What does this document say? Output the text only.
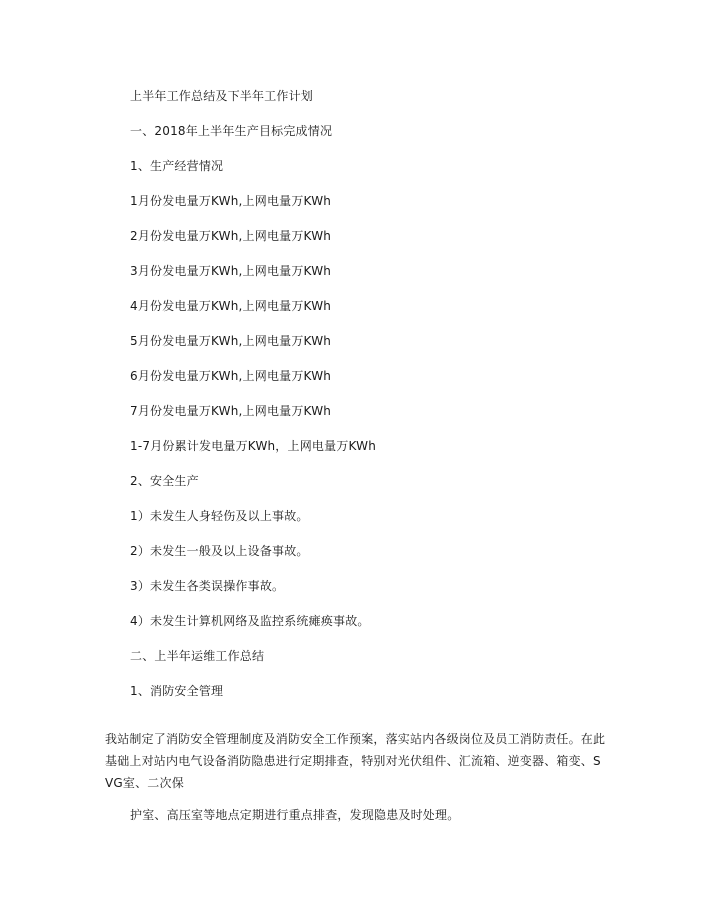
上半年工作总结及下半年工作计划
一、2018年上半年生产目标完成情况
1、生产经营情况
1月份发电量万KWh,上网电量万KWh
2月份发电量万KWh,上网电量万KWh
3月份发电量万KWh,上网电量万KWh
4月份发电量万KWh,上网电量万KWh
5月份发电量万KWh,上网电量万KWh
6月份发电量万KWh,上网电量万KWh
7月份发电量万KWh,上网电量万KWh
1-7月份累计发电量万KWh，上网电量万KWh
2、安全生产
1）未发生人身轻伤及以上事故。
2）未发生一般及以上设备事故。
3）未发生各类误操作事故。
4）未发生计算机网络及监控系统瘫痪事故。
二、上半年运维工作总结
1、消防安全管理
我站制定了消防安全管理制度及消防安全工作预案，落实站内各级岗位及员工消防责任。在此
基础上对站内电气设备消防隐患进行定期排查，特别对光伏组件、汇流箱、逆变器、箱变、S
VG室、二次保
护室、高压室等地点定期进行重点排查，发现隐患及时处理。
